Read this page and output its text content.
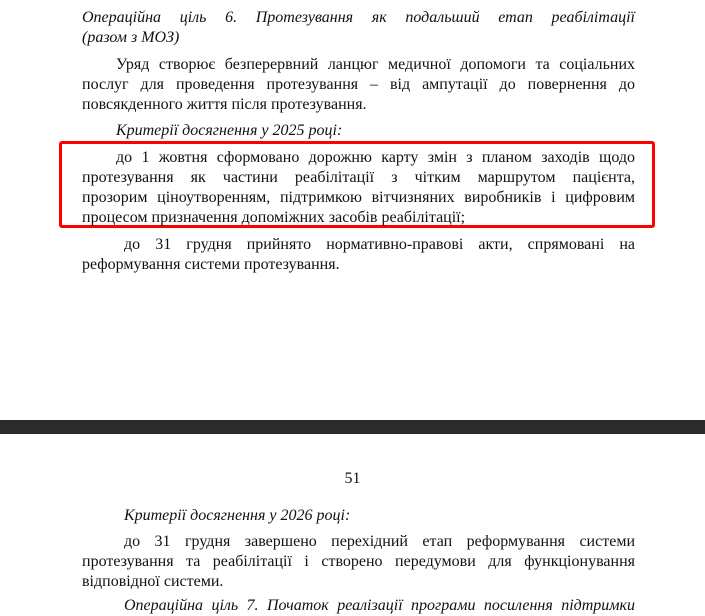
Операційна ціль 6. Протезування як подальший етап реабілітації
(разом з МОЗ)
Уряд створює безперервний ланцюг медичної допомоги та соціальних
послуг для проведення протезування – від ампутації до повернення до
повсякденного життя після протезування.
Критерії досягнення у 2025 році:
до 1 жовтня сформовано дорожню карту змін з планом заходів щодо
протезування як частини реабілітації з чітким маршрутом пацієнта,
прозорим ціноутворенням, підтримкою вітчизняних виробників і цифровим
процесом призначення допоміжних засобів реабілітації;
до 31 грудня прийнято нормативно-правові акти, спрямовані на
реформування системи протезування.
51
Критерії досягнення у 2026 році:
до 31 грудня завершено перехідний етап реформування системи
протезування та реабілітації і створено передумови для функціонування
відповідної системи.
Операційна ціль 7. Початок реалізації програми посилення підтримки
